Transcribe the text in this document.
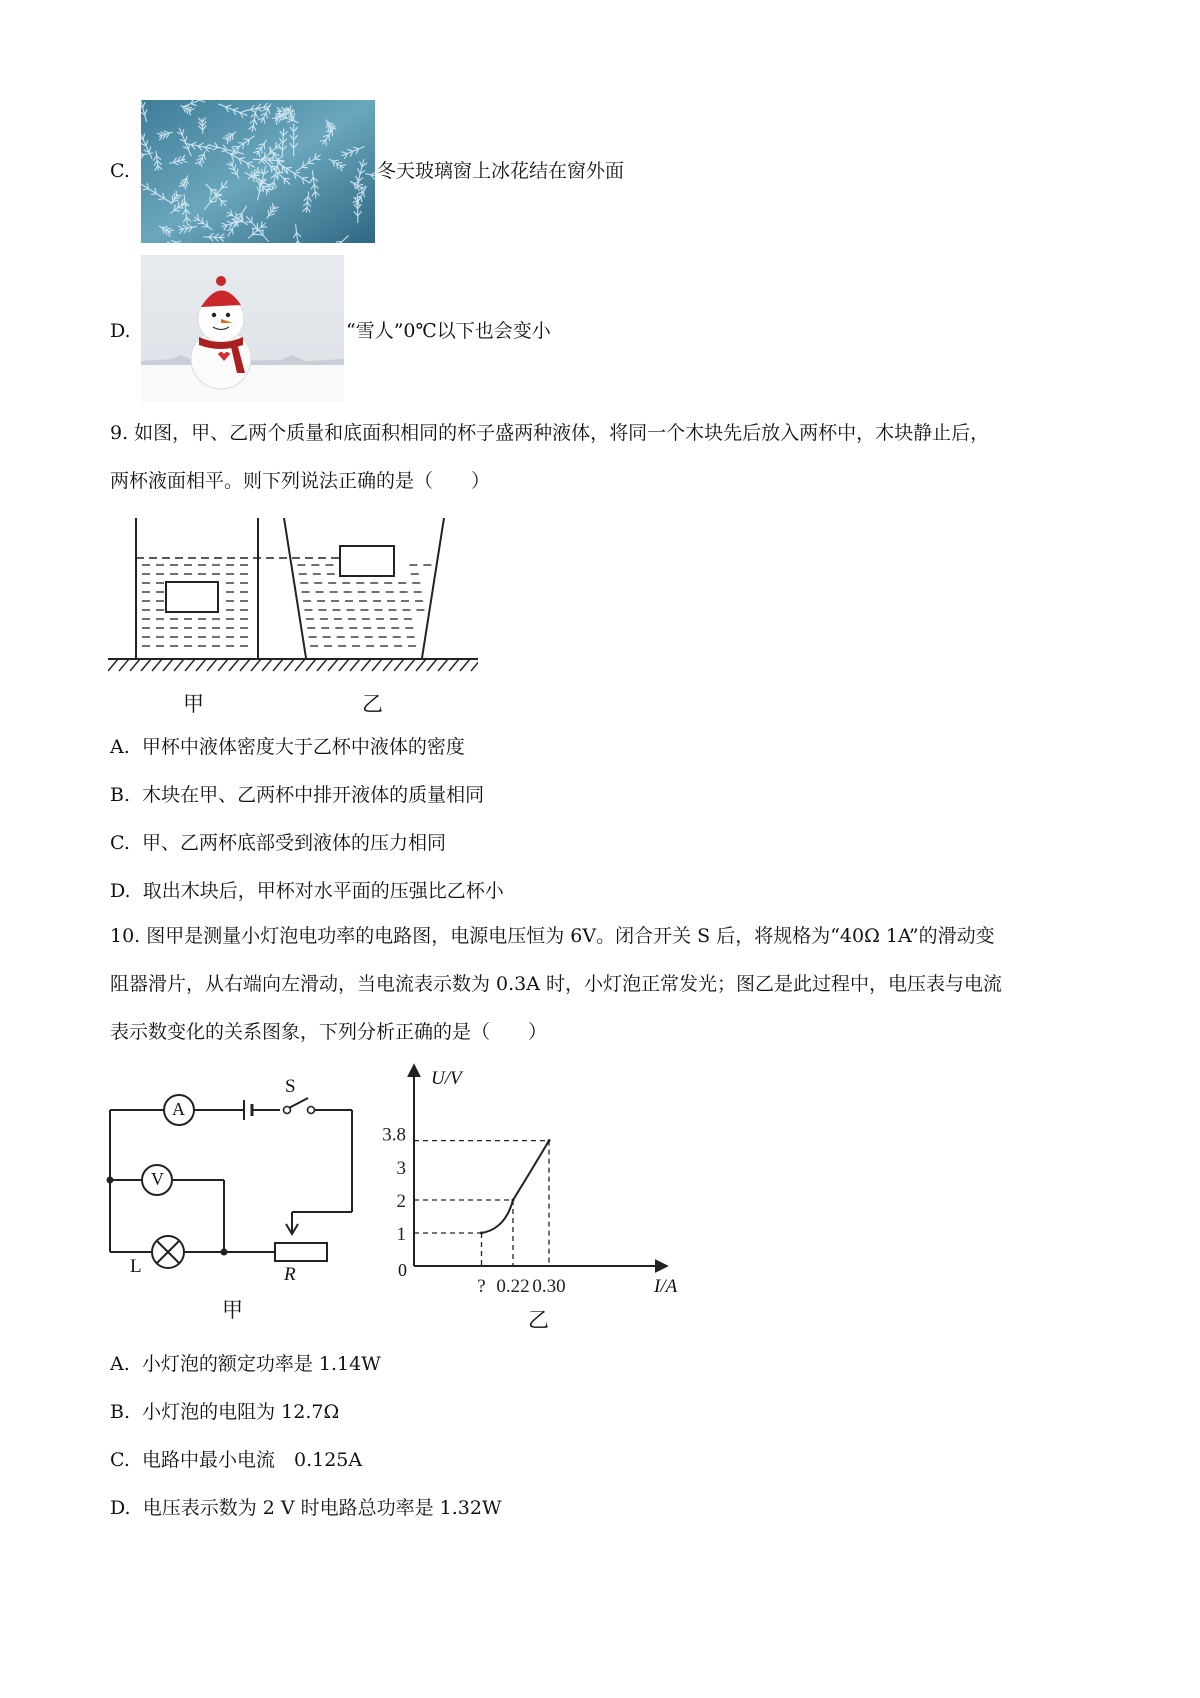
C.	冬天玻璃窗上冰花结在窗外面
D.	“雪人”0℃以下也会变小
9. 如图，甲、乙两个质量和底面积相同的杯子盛两种液体，将同一个木块先后放入两杯中，木块静止后，
两杯液面相平。则下列说法正确的是（　　）
甲	乙
A. 甲杯中液体密度大于乙杯中液体的密度
B. 木块在甲、乙两杯中排开液体的质量相同
C. 甲、乙两杯底部受到液体的压力相同
D. 取出木块后，甲杯对水平面的压强比乙杯小
10. 图甲是测量小灯泡电功率的电路图，电源电压恒为 6V。闭合开关 S 后，将规格为“40Ω 1A”的滑动变
阻器滑片，从右端向左滑动，当电流表示数为 0.3A 时，小灯泡正常发光；图乙是此过程中，电压表与电流
表示数变化的关系图象，下列分析正确的是（　　）
A
V
S
L	R
甲
1
2
3
3.8
? 0.22 0.30
U/V
I/A
0
乙
A. 小灯泡的额定功率是 1.14W
B. 小灯泡的电阻为 12.7Ω
C. 电路中最小电流　0.125A
D. 电压表示数为 2 V 时电路总功率是 1.32W
